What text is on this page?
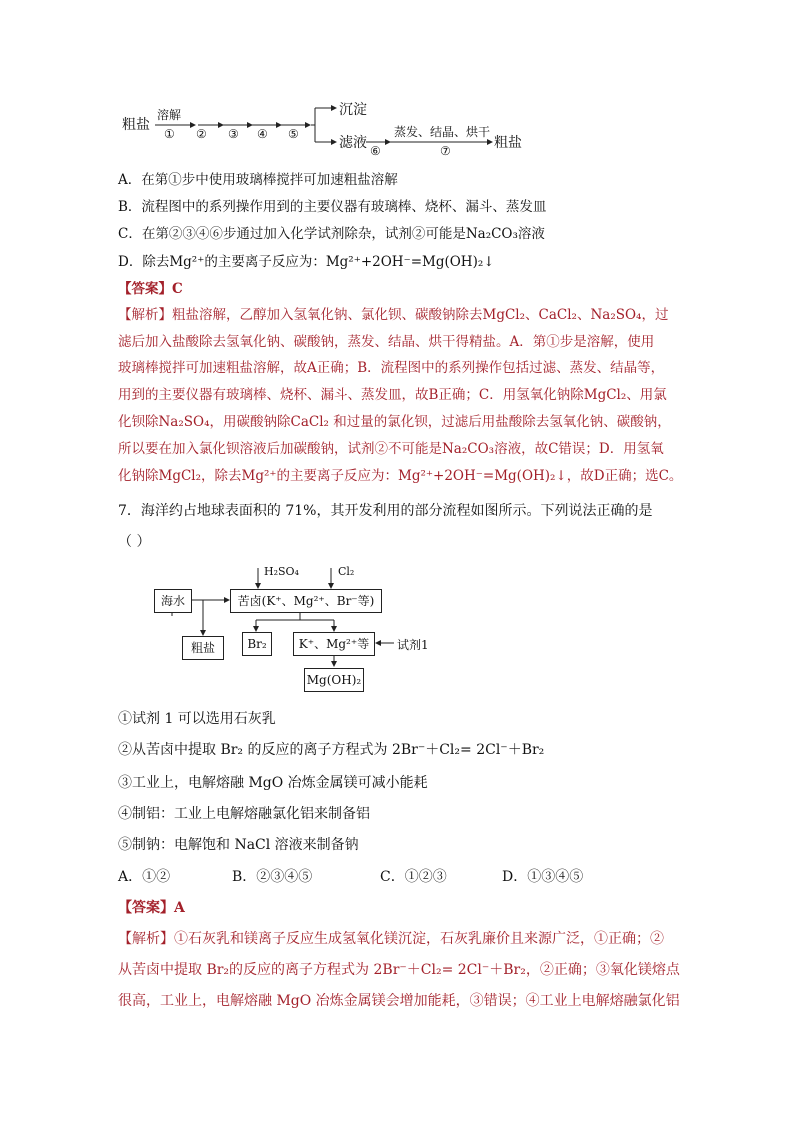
粗盐
溶解
① ② ③ ④ ⑤
沉淀
滤液 ⑥
蒸发、结晶、烘干
⑦	粗盐
A．在第①步中使用玻璃棒搅拌可加速粗盐溶解
B．流程图中的系列操作用到的主要仪器有玻璃棒、烧杯、漏斗、蒸发皿
C．在第②③④⑥步通过加入化学试剂除杂，试剂②可能是Na₂CO₃溶液
D．除去Mg²⁺的主要离子反应为：Mg²⁺+2OH⁻=Mg(OH)₂↓
【答案】C
【解析】粗盐溶解，乙醇加入氢氧化钠、氯化钡、碳酸钠除去MgCl₂、CaCl₂、Na₂SO₄，过
滤后加入盐酸除去氢氧化钠、碳酸钠，蒸发、结晶、烘干得精盐。A．第①步是溶解，使用
玻璃棒搅拌可加速粗盐溶解，故A正确；B．流程图中的系列操作包括过滤、蒸发、结晶等，
用到的主要仪器有玻璃棒、烧杯、漏斗、蒸发皿，故B正确；C．用氢氧化钠除MgCl₂、用氯
化钡除Na₂SO₄，用碳酸钠除CaCl₂ 和过量的氯化钡，过滤后用盐酸除去氢氧化钠、碳酸钠，
所以要在加入氯化钡溶液后加碳酸钠，试剂②不可能是Na₂CO₃溶液，故C错误；D．用氢氧
化钠除MgCl₂，除去Mg²⁺的主要离子反应为：Mg²⁺+2OH⁻=Mg(OH)₂↓，故D正确；选C。
7．海洋约占地球表面积的 71%，其开发利用的部分流程如图所示。下列说法正确的是
（ ）
H₂SO₄	Cl₂
海水	苦卤(K⁺、Mg²⁺、Br⁻等)
粗盐	Br₂	K⁺、Mg²⁺等	试剂1
Mg(OH)₂
①试剂 1 可以选用石灰乳
②从苦卤中提取 Br₂ 的反应的离子方程式为 2Br⁻＋Cl₂= 2Cl⁻＋Br₂
③工业上，电解熔融 MgO 冶炼金属镁可减小能耗
④制铝：工业上电解熔融氯化铝来制备铝
⑤制钠：电解饱和 NaCl 溶液来制备钠
A．①②	B．②③④⑤	C．①②③	D．①③④⑤
【答案】A
【解析】①石灰乳和镁离子反应生成氢氧化镁沉淀，石灰乳廉价且来源广泛，①正确；②
从苦卤中提取 Br₂的反应的离子方程式为 2Br⁻＋Cl₂= 2Cl⁻＋Br₂，②正确；③氧化镁熔点
很高，工业上，电解熔融 MgO 冶炼金属镁会增加能耗，③错误；④工业上电解熔融氯化铝
